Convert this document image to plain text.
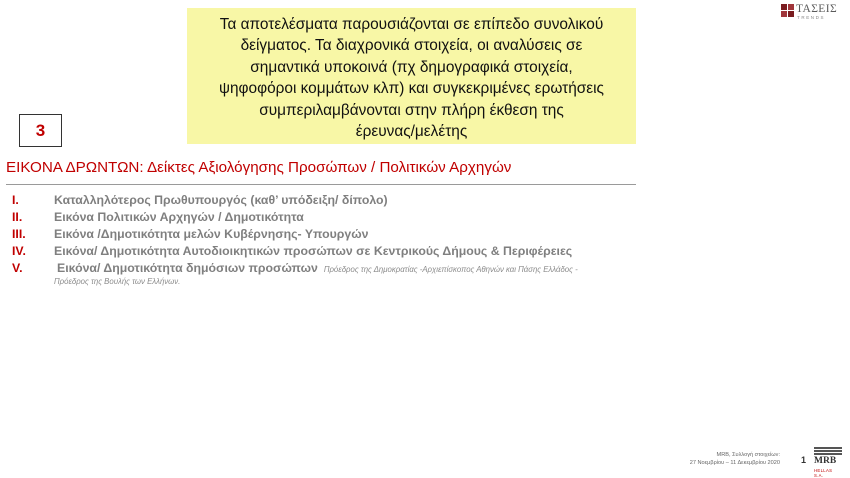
Τα αποτελέσματα παρουσιάζονται σε επίπεδο συνολικού
δείγματος. Τα διαχρονικά στοιχεία, οι αναλύσεις σε
σημαντικά υποκοινά (πχ δημογραφικά στοιχεία,
ψηφοφόροι κομμάτων κλπ) και συγκεκριμένες ερωτήσεις
συμπεριλαμβάνονται στην πλήρη έκθεση της
έρευνας/μελέτης
ΤΑΣΕΙΣ
TRENDS
3
ΕΙΚΟΝΑ ΔΡΩΝΤΩΝ: Δείκτες Αξιολόγησης Προσώπων / Πολιτικών Αρχηγών
I.	Καταλληλότερος Πρωθυπουργός (καθ’ υπόδειξη/ δίπολο)
II.	Εικόνα Πολιτικών Αρχηγών / Δημοτικότητα
III. Εικόνα /Δημοτικότητα μελών Κυβέρνησης- Υπουργών
IV. Εικόνα/ Δημοτικότητα Αυτοδιοικητικών προσώπων σε Κεντρικούς Δήμους & Περιφέρειες
V.	Εικόνα/ Δημοτικότητα δημόσιων προσώπων Πρόεδρος της Δημοκρατίας -Αρχιεπίσκοπος Αθηνών και Πάσης Ελλάδος -
Πρόεδρος της Βουλής των Ελλήνων.
MRB, Συλλογή στοιχείων:
27 Νοεμβρίου – 11 Δεκεμβρίου 2020 1 MRB
HELLAS S.A.
